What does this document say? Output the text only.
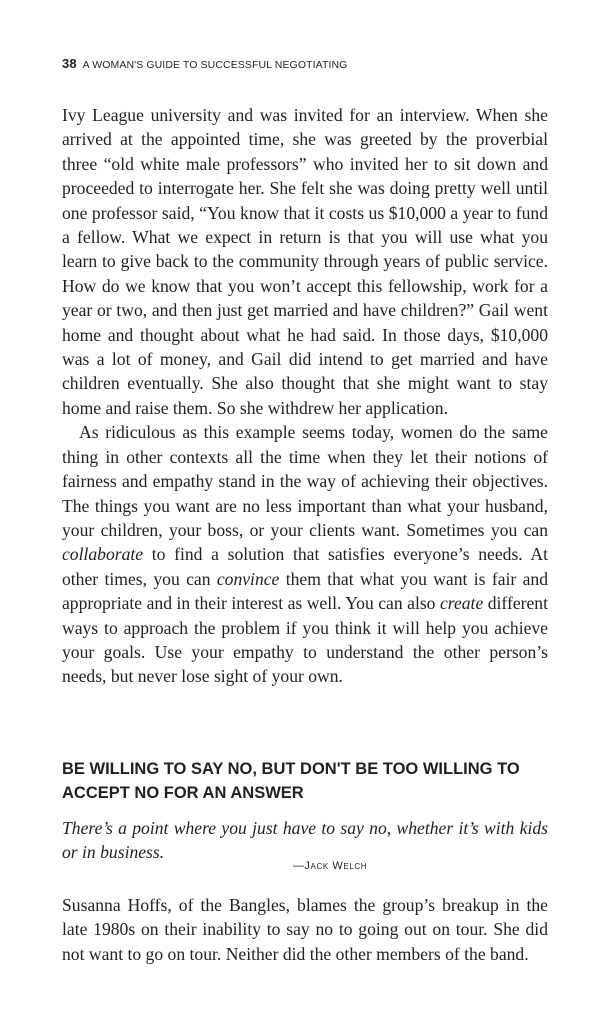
38 A WOMAN'S GUIDE TO SUCCESSFUL NEGOTIATING

Ivy League university and was invited for an interview. When she arrived at the appointed time, she was greeted by the proverbial three “old white male professors” who invited her to sit down and proceeded to interrogate her. She felt she was doing pretty well until one professor said, “You know that it costs us $10,000 a year to fund a fellow. What we expect in return is that you will use what you learn to give back to the community through years of public service. How do we know that you won’t accept this fellowship, work for a year or two, and then just get married and have children?” Gail went home and thought about what he had said. In those days, $10,000 was a lot of money, and Gail did intend to get married and have children eventually. She also thought that she might want to stay home and raise them. So she withdrew her application.

As ridiculous as this example seems today, women do the same thing in other contexts all the time when they let their notions of fairness and empathy stand in the way of achieving their objectives. The things you want are no less important than what your husband, your children, your boss, or your clients want. Sometimes you can collaborate to find a solution that satisfies everyone’s needs. At other times, you can convince them that what you want is fair and appropriate and in their interest as well. You can also create different ways to approach the problem if you think it will help you achieve your goals. Use your empathy to understand the other person’s needs, but never lose sight of your own.

BE WILLING TO SAY NO, BUT DON'T BE TOO WILLING TO ACCEPT NO FOR AN ANSWER

There’s a point where you just have to say no, whether it’s with kids or in business.

—Jack Welch

Susanna Hoffs, of the Bangles, blames the group’s breakup in the late 1980s on their inability to say no to going out on tour. She did not want to go on tour. Neither did the other members of the band.
